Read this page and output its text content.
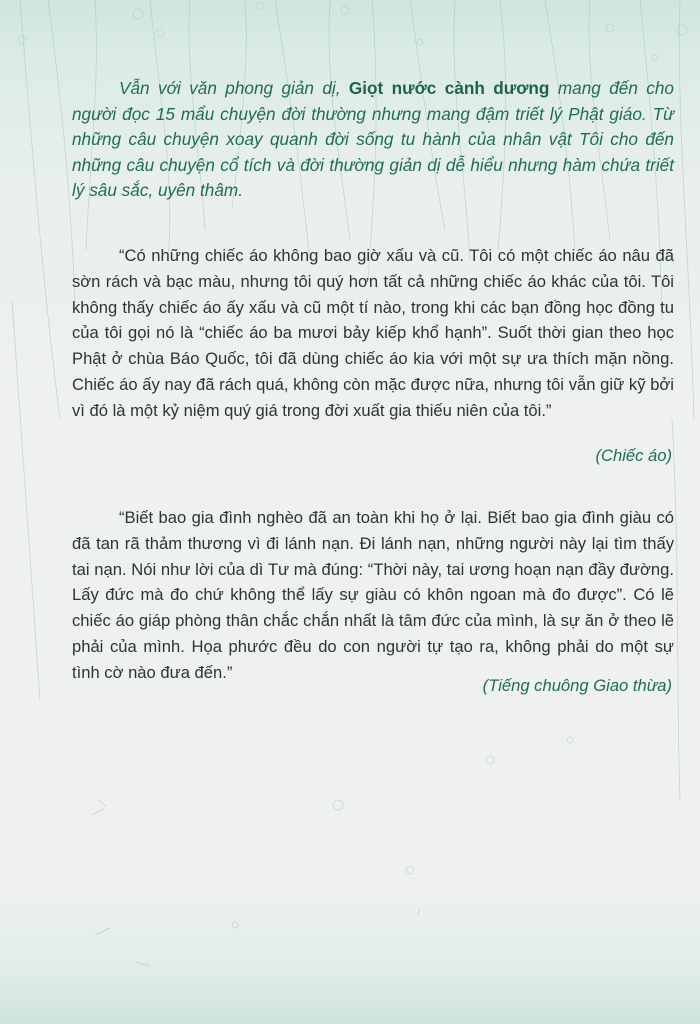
Vẫn với văn phong giản dị, Giọt nước cành dương mang đến cho người đọc 15 mẩu chuyện đời thường nhưng mang đậm triết lý Phật giáo. Từ những câu chuyện xoay quanh đời sống tu hành của nhân vật Tôi cho đến những câu chuyện cổ tích và đời thường giản dị dễ hiểu nhưng hàm chứa triết lý sâu sắc, uyên thâm.

“Có những chiếc áo không bao giờ xấu và cũ. Tôi có một chiếc áo nâu đã sờn rách và bạc màu, nhưng tôi quý hơn tất cả những chiếc áo khác của tôi. Tôi không thấy chiếc áo ấy xấu và cũ một tí nào, trong khi các bạn đồng học đồng tu của tôi gọi nó là “chiếc áo ba mươi bảy kiếp khổ hạnh”. Suốt thời gian theo học Phật ở chùa Báo Quốc, tôi đã dùng chiếc áo kia với một sự ưa thích mặn nồng. Chiếc áo ấy nay đã rách quá, không còn mặc được nữa, nhưng tôi vẫn giữ kỹ bởi vì đó là một kỷ niệm quý giá trong đời xuất gia thiếu niên của tôi.”

(Chiếc áo)

“Biết bao gia đình nghèo đã an toàn khi họ ở lại. Biết bao gia đình giàu có đã tan rã thảm thương vì đi lánh nạn. Đi lánh nạn, những người này lại tìm thấy tai nạn. Nói như lời của dì Tư mà đúng: “Thời này, tai ương hoạn nạn đầy đường. Lấy đức mà đo chứ không thể lấy sự giàu có khôn ngoan mà đo được”. Có lẽ chiếc áo giáp phòng thân chắc chắn nhất là tâm đức của mình, là sự ăn ở theo lẽ phải của mình. Họa phước đều do con người tự tạo ra, không phải do một sự tình cờ nào đưa đến.”

(Tiếng chuông Giao thừa)
